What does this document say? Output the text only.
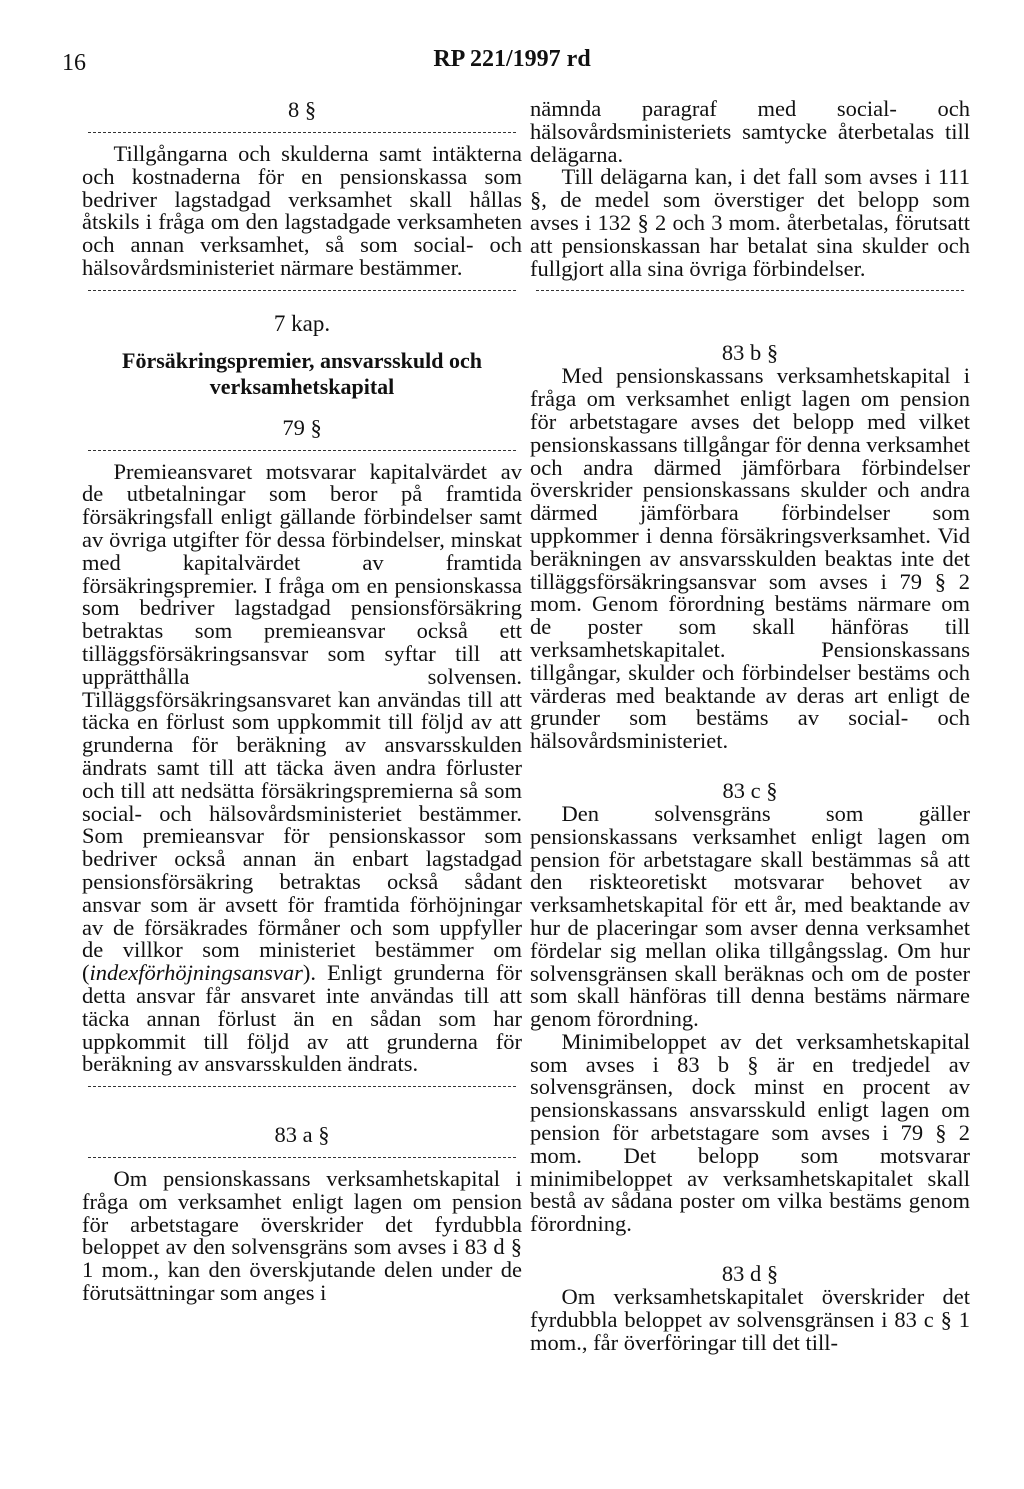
16	RP 221/1997 rd
8 §

Tillgångarna och skulderna samt intäkterna och kostnaderna för en pensionskassa som bedriver lagstadgad verksamhet skall hållas åtskils i fråga om den lagstadgade verksamheten och annan verksamhet, så som social- och hälsovårdsministeriet närmare bestämmer.

7 kap.
Försäkringspremier, ansvarsskuld och verksamhetskapital
79 §

Premieansvaret motsvarar kapitalvärdet av de utbetalningar som beror på framtida försäkringsfall enligt gällande förbindelser samt av övriga utgifter för dessa förbindelser, minskat med kapitalvärdet av framtida försäkringspremier. I fråga om en pensionskassa som bedriver lagstadgad pensionsförsäkring betraktas som premieansvar också ett tilläggsförsäkringsansvar som syftar till att upprätthålla solvensen. Tilläggsförsäkringsansvaret kan användas till att täcka en förlust som uppkommit till följd av att grunderna för beräkning av ansvarsskulden ändrats samt till att täcka även andra förluster och till att nedsätta försäkringspremierna så som social- och hälsovårdsministeriet bestämmer. Som premieansvar för pensionskassor som bedriver också annan än enbart lagstadgad pensionsförsäkring betraktas också sådant ansvar som är avsett för framtida förhöjningar av de försäkrades förmåner och som uppfyller de villkor som ministeriet bestämmer om (indexförhöjningsansvar). Enligt grunderna för detta ansvar får ansvaret inte användas till att täcka annan förlust än en sådan som har uppkommit till följd av att grunderna för beräkning av ansvarsskulden ändrats.

83 a §

Om pensionskassans verksamhetskapital i fråga om verksamhet enligt lagen om pension för arbetstagare överskrider det fyrdubbla beloppet av den solvensgräns som avses i 83 d § 1 mom., kan den överskjutande delen under de förutsättningar som anges i

nämnda paragraf med social- och hälsovårdsministeriets samtycke återbetalas till delägarna.

Till delägarna kan, i det fall som avses i 111 §, de medel som överstiger det belopp som avses i 132 § 2 och 3 mom. återbetalas, förutsatt att pensionskassan har betalat sina skulder och fullgjort alla sina övriga förbindelser.

83 b §

Med pensionskassans verksamhetskapital i fråga om verksamhet enligt lagen om pension för arbetstagare avses det belopp med vilket pensionskassans tillgångar för denna verksamhet och andra därmed jämförbara förbindelser överskrider pensionskassans skulder och andra därmed jämförbara förbindelser som uppkommer i denna försäkringsverksamhet. Vid beräkningen av ansvarsskulden beaktas inte det tilläggsförsäkringsansvar som avses i 79 § 2 mom. Genom förordning bestäms närmare om de poster som skall hänföras till verksamhetskapitalet. Pensionskassans tillgångar, skulder och förbindelser bestäms och värderas med beaktande av deras art enligt de grunder som bestäms av social- och hälsovårdsministeriet.

83 c §

Den solvensgräns som gäller pensionskassans verksamhet enligt lagen om pension för arbetstagare skall bestämmas så att den riskteoretiskt motsvarar behovet av verksamhetskapital för ett år, med beaktande av hur de placeringar som avser denna verksamhet fördelar sig mellan olika tillgångsslag. Om hur solvensgränsen skall beräknas och om de poster som skall hänföras till denna bestäms närmare genom förordning.

Minimibeloppet av det verksamhetskapital som avses i 83 b § är en tredjedel av solvensgränsen, dock minst en procent av pensionskassans ansvarsskuld enligt lagen om pension för arbetstagare som avses i 79 § 2 mom. Det belopp som motsvarar minimibeloppet av verksamhetskapitalet skall bestå av sådana poster om vilka bestäms genom förordning.

83 d §

Om verksamhetskapitalet överskrider det fyrdubbla beloppet av solvensgränsen i 83 c § 1 mom., får överföringar till det till-
